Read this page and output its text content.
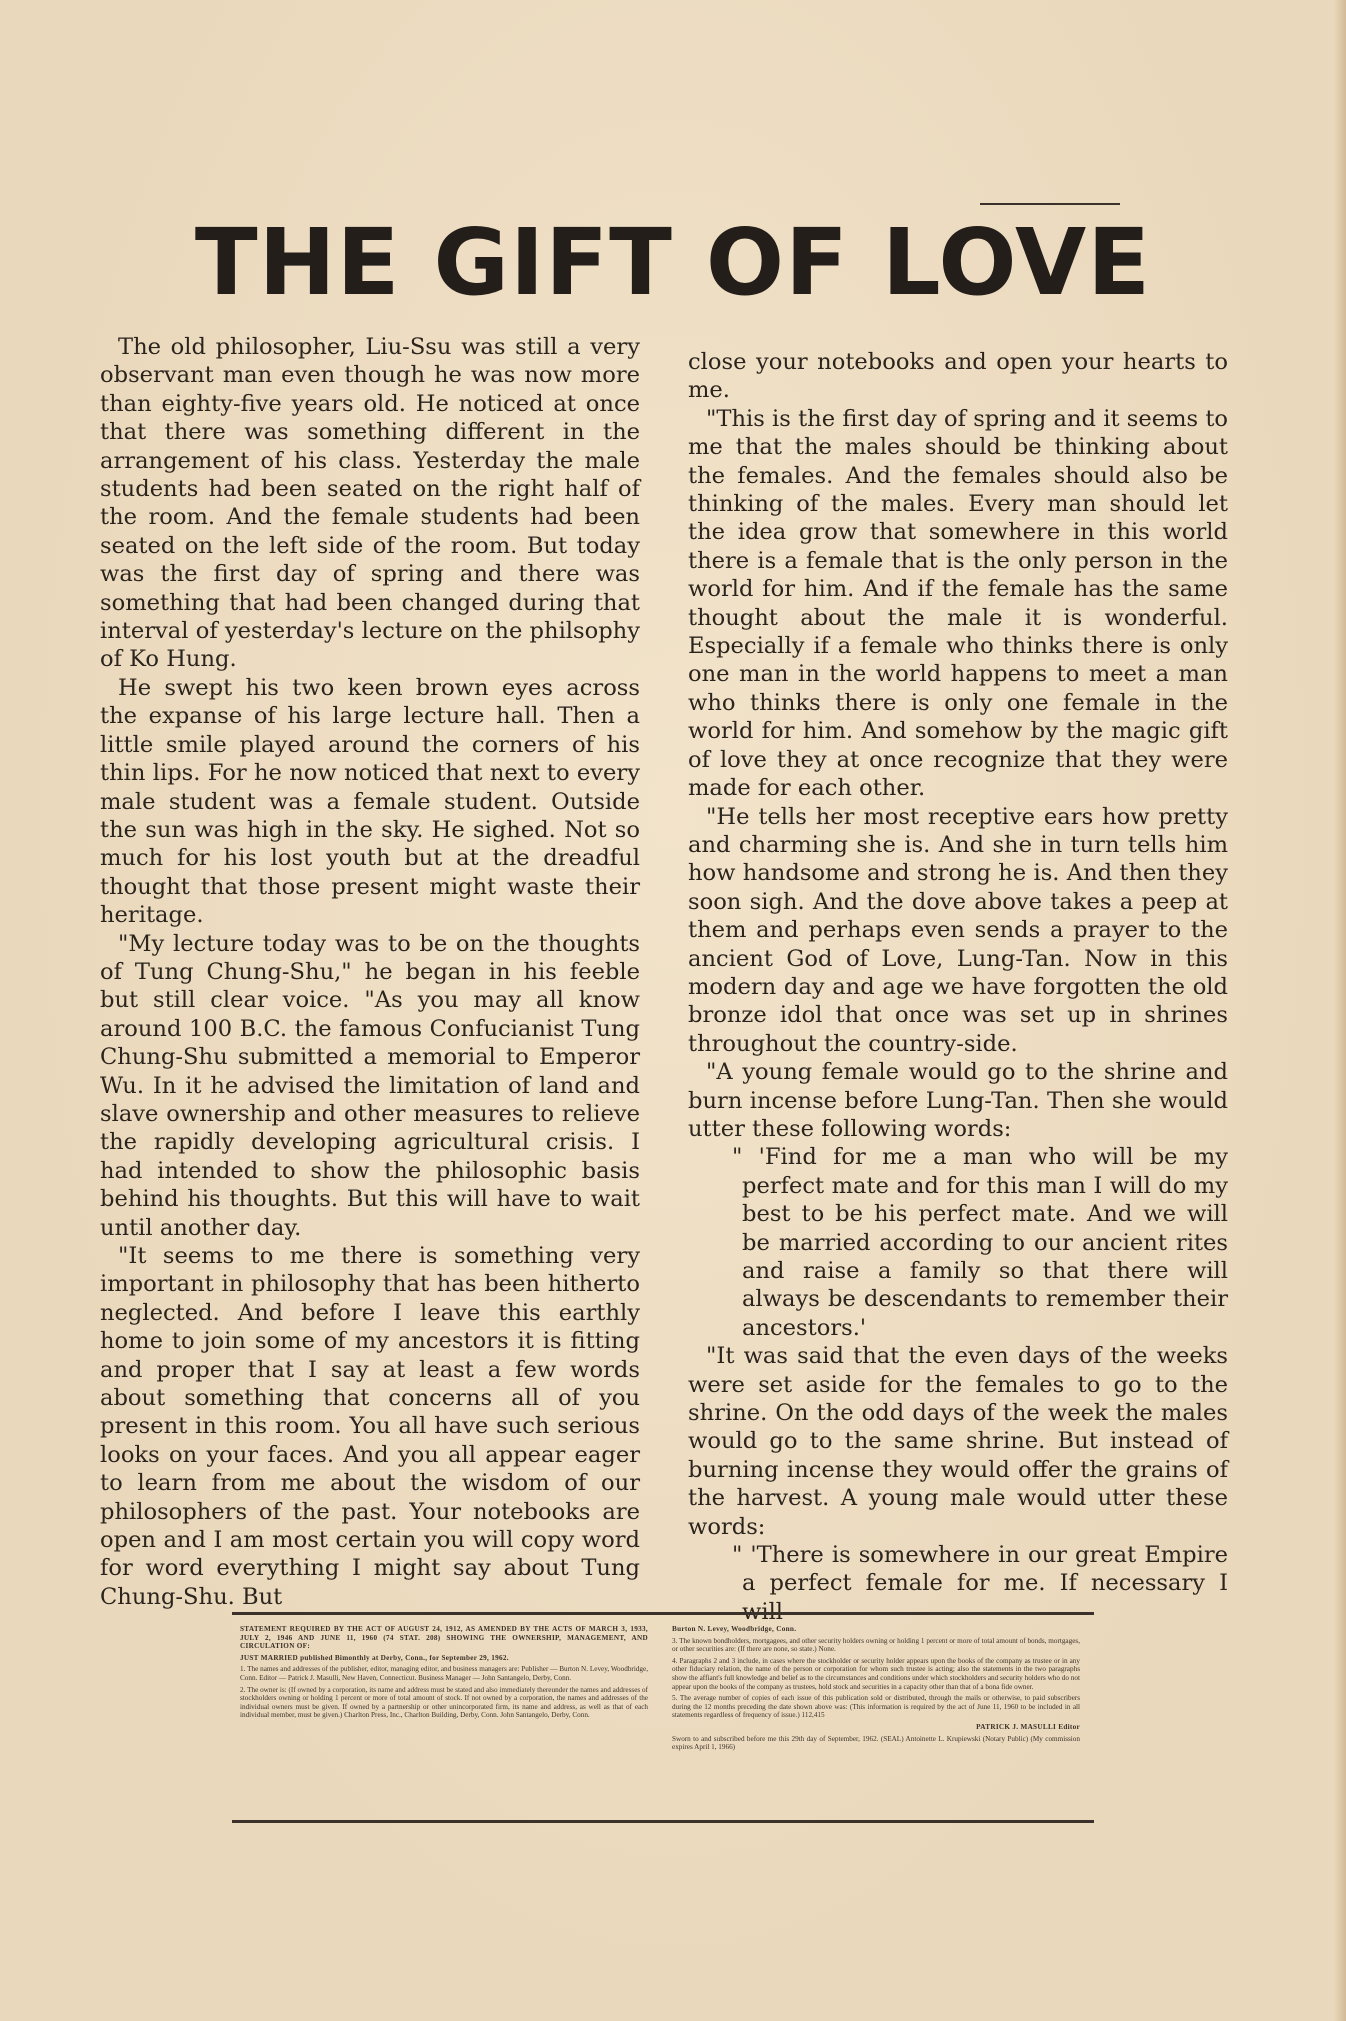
THE GIFT OF LOVE

The old philosopher, Liu-Ssu was still a very observant man even though he was now more than eighty-five years old. He noticed at once that there was something different in the arrangement of his class. Yesterday the male students had been seated on the right half of the room. And the female students had been seated on the left side of the room. But today was the first day of spring and there was something that had been changed during that interval of yesterday's lecture on the philsophy of Ko Hung.

He swept his two keen brown eyes across the expanse of his large lecture hall. Then a little smile played around the corners of his thin lips. For he now noticed that next to every male student was a female student. Outside the sun was high in the sky. He sighed. Not so much for his lost youth but at the dreadful thought that those present might waste their heritage.

"My lecture today was to be on the thoughts of Tung Chung-Shu," he began in his feeble but still clear voice. "As you may all know around 100 B.C. the famous Confucianist Tung Chung-Shu submitted a memorial to Emperor Wu. In it he advised the limitation of land and slave ownership and other measures to relieve the rapidly developing agricultural crisis. I had intended to show the philosophic basis behind his thoughts. But this will have to wait until another day.

"It seems to me there is something very important in philosophy that has been hitherto neglected. And before I leave this earthly home to join some of my ancestors it is fitting and proper that I say at least a few words about something that concerns all of you present in this room. You all have such serious looks on your faces. And you all appear eager to learn from me about the wisdom of our philosophers of the past. Your notebooks are open and I am most certain you will copy word for word everything I might say about Tung Chung-Shu. But

close your notebooks and open your hearts to me.

"This is the first day of spring and it seems to me that the males should be thinking about the females. And the females should also be thinking of the males. Every man should let the idea grow that somewhere in this world there is a female that is the only person in the world for him. And if the female has the same thought about the male it is wonderful. Especially if a female who thinks there is only one man in the world happens to meet a man who thinks there is only one female in the world for him. And somehow by the magic gift of love they at once recognize that they were made for each other.

"He tells her most receptive ears how pretty and charming she is. And she in turn tells him how handsome and strong he is. And then they soon sigh. And the dove above takes a peep at them and perhaps even sends a prayer to the ancient God of Love, Lung-Tan. Now in this modern day and age we have forgotten the old bronze idol that once was set up in shrines throughout the country-side.

"A young female would go to the shrine and burn incense before Lung-Tan. Then she would utter these following words:

" 'Find for me a man who will be my perfect mate and for this man I will do my best to be his perfect mate. And we will be married according to our ancient rites and raise a family so that there will always be descendants to remember their ancestors.'

"It was said that the even days of the weeks were set aside for the females to go to the shrine. On the odd days of the week the males would go to the same shrine. But instead of burning incense they would offer the grains of the harvest. A young male would utter these words:

" 'There is somewhere in our great Empire a perfect female for me. If necessary I will

STATEMENT REQUIRED BY THE ACT OF AUGUST 24, 1912, AS AMENDED BY THE ACTS OF MARCH 3, 1933, JULY 2, 1946 AND JUNE 11, 1960 (74 STAT. 208) SHOWING THE OWNERSHIP, MANAGEMENT, AND CIRCULATION OF:

JUST MARRIED published Bimonthly at Derby, Conn., for September 29, 1962.

1. The names and addresses of the publisher, editor, managing editor, and business managers are: Publisher — Burton N. Levey, Woodbridge, Conn. Editor — Patrick J. Masulli, New Haven, Connecticut. Business Manager — John Santangelo, Derby, Conn.

2. The owner is: (If owned by a corporation, its name and address must be stated and also immediately thereunder the names and addresses of stockholders owning or holding 1 percent or more of total amount of stock. If not owned by a corporation, the names and addresses of the individual owners must be given. If owned by a partnership or other unincorporated firm, its name and address, as well as that of each individual member, must be given.) Charlton Press, Inc., Charlton Building, Derby, Conn. John Santangelo, Derby, Conn.

Burton N. Levey, Woodbridge, Conn.

3. The known bondholders, mortgagees, and other security holders owning or holding 1 percent or more of total amount of bonds, mortgages, or other securities are: (If there are none, so state.) None.

4. Paragraphs 2 and 3 include, in cases where the stockholder or security holder appears upon the books of the company as trustee or in any other fiduciary relation, the name of the person or corporation for whom such trustee is acting; also the statements in the two paragraphs show the affiant's full knowledge and belief as to the circumstances and conditions under which stockholders and security holders who do not appear upon the books of the company as trustees, hold stock and securities in a capacity other than that of a bona fide owner.

5. The average number of copies of each issue of this publication sold or distributed, through the mails or otherwise, to paid subscribers during the 12 months preceding the date shown above was: (This information is required by the act of June 11, 1960 to be included in all statements regardless of frequency of issue.) 112,415

PATRICK J. MASULLI Editor

Sworn to and subscribed before me this 29th day of September, 1962. (SEAL) Antoinette L. Krupiewski (Notary Public) (My commission expires April 1, 1966)
